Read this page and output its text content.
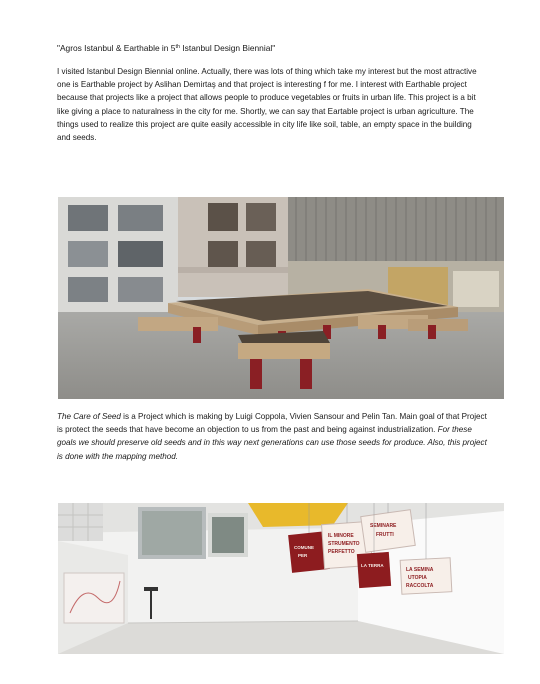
"Agros Istanbul & Earthable in 5th Istanbul Design Biennial"

I visited Istanbul Design Biennial online. Actually, there was lots of thing which take my interest but the most attractive one is Earthable project by Aslihan Demirtaş and that project is interesting f for me. I interest with Earthable project because that projects like a project that allows people to produce vegetables or fruits in urban life. This project is a bit like giving a place to naturalness in the city for me. Shortly, we can say that Eartable project is urban agriculture. The things used to realize this project are quite easily accessible in city life like soil, table, an empty space in the building and seeds.

The Care of Seed is a Project which is making by Luigi Coppola, Vivien Sansour and Pelin Tan. Main goal of that Project is protect the seeds that have become an objection to us from the past and being against industrialization. For these goals we should preserve old seeds and in this way next generations can use those seeds for produce. Also, this project is done with the mapping method.

IL MINORE
STRUMENTO
PERFETTO
SEMINARE
FRUTTI
LA SEMINA
UTOPIA
RACCOLTA
COMUNE
PER
LA TERRA
